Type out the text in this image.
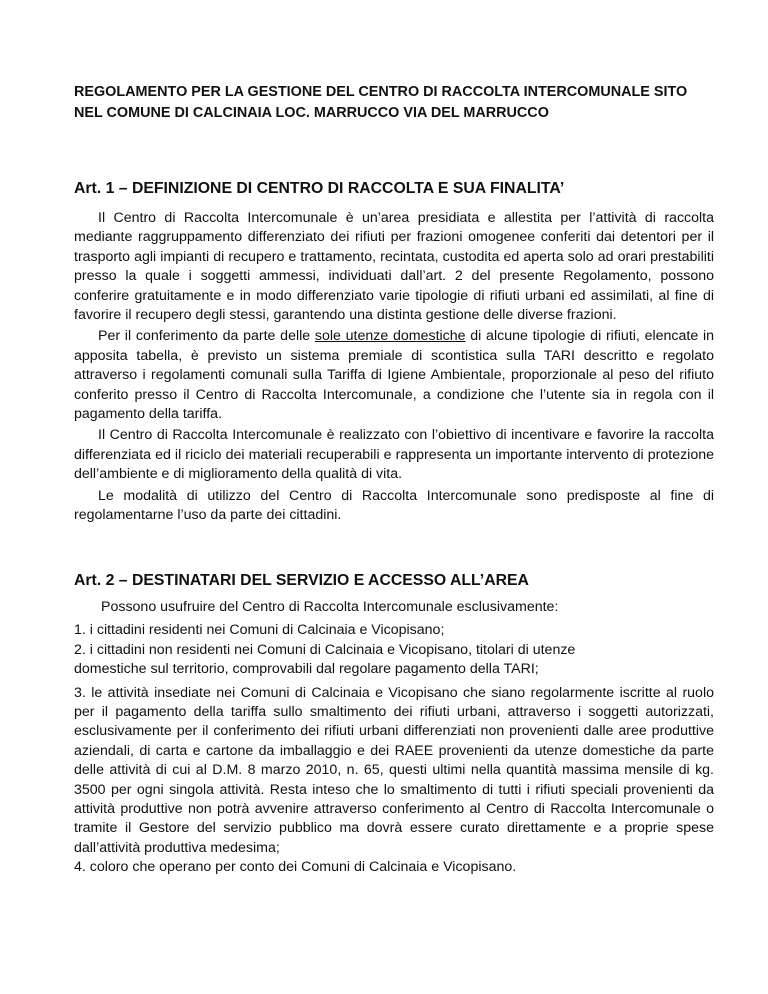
REGOLAMENTO PER LA GESTIONE DEL CENTRO DI RACCOLTA INTERCOMUNALE SITO NEL COMUNE DI CALCINAIA LOC. MARRUCCO VIA DEL MARRUCCO
Art. 1 – DEFINIZIONE DI CENTRO DI RACCOLTA E SUA FINALITA’

Il Centro di Raccolta Intercomunale è un’area presidiata e allestita per l’attività di raccolta mediante raggruppamento differenziato dei rifiuti per frazioni omogenee conferiti dai detentori per il trasporto agli impianti di recupero e trattamento, recintata, custodita ed aperta solo ad orari prestabiliti presso la quale i soggetti ammessi, individuati dall’art. 2 del presente Regolamento, possono conferire gratuitamente e in modo differenziato varie tipologie di rifiuti urbani ed assimilati, al fine di favorire il recupero degli stessi, garantendo una distinta gestione delle diverse frazioni.

Per il conferimento da parte delle sole utenze domestiche di alcune tipologie di rifiuti, elencate in apposita tabella, è previsto un sistema premiale di scontistica sulla TARI descritto e regolato attraverso i regolamenti comunali sulla Tariffa di Igiene Ambientale, proporzionale al peso del rifiuto conferito presso il Centro di Raccolta Intercomunale, a condizione che l’utente sia in regola con il pagamento della tariffa.

Il Centro di Raccolta Intercomunale è realizzato con l’obiettivo di incentivare e favorire la raccolta differenziata ed il riciclo dei materiali recuperabili e rappresenta un importante intervento di protezione dell’ambiente e di miglioramento della qualità di vita.

Le modalità di utilizzo del Centro di Raccolta Intercomunale sono predisposte al fine di regolamentarne l’uso da parte dei cittadini.

Art. 2 – DESTINATARI DEL SERVIZIO E ACCESSO ALL’AREA

Possono usufruire del Centro di Raccolta Intercomunale esclusivamente:

1. i cittadini residenti nei Comuni di Calcinaia e Vicopisano;

2. i cittadini non residenti nei Comuni di Calcinaia e Vicopisano, titolari di utenze

domestiche sul territorio, comprovabili dal regolare pagamento della TARI;

3. le attività insediate nei Comuni di Calcinaia e Vicopisano che siano regolarmente iscritte al ruolo per il pagamento della tariffa sullo smaltimento dei rifiuti urbani, attraverso i soggetti autorizzati, esclusivamente per il conferimento dei rifiuti urbani differenziati non provenienti dalle aree produttive aziendali, di carta e cartone da imballaggio e dei RAEE provenienti da utenze domestiche da parte delle attività di cui al D.M. 8 marzo 2010, n. 65, questi ultimi nella quantità massima mensile di kg. 3500 per ogni singola attività. Resta inteso che lo smaltimento di tutti i rifiuti speciali provenienti da attività produttive non potrà avvenire attraverso conferimento al Centro di Raccolta Intercomunale o tramite il Gestore del servizio pubblico ma dovrà essere curato direttamente e a proprie spese dall’attività produttiva medesima;

4. coloro che operano per conto dei Comuni di Calcinaia e Vicopisano.
